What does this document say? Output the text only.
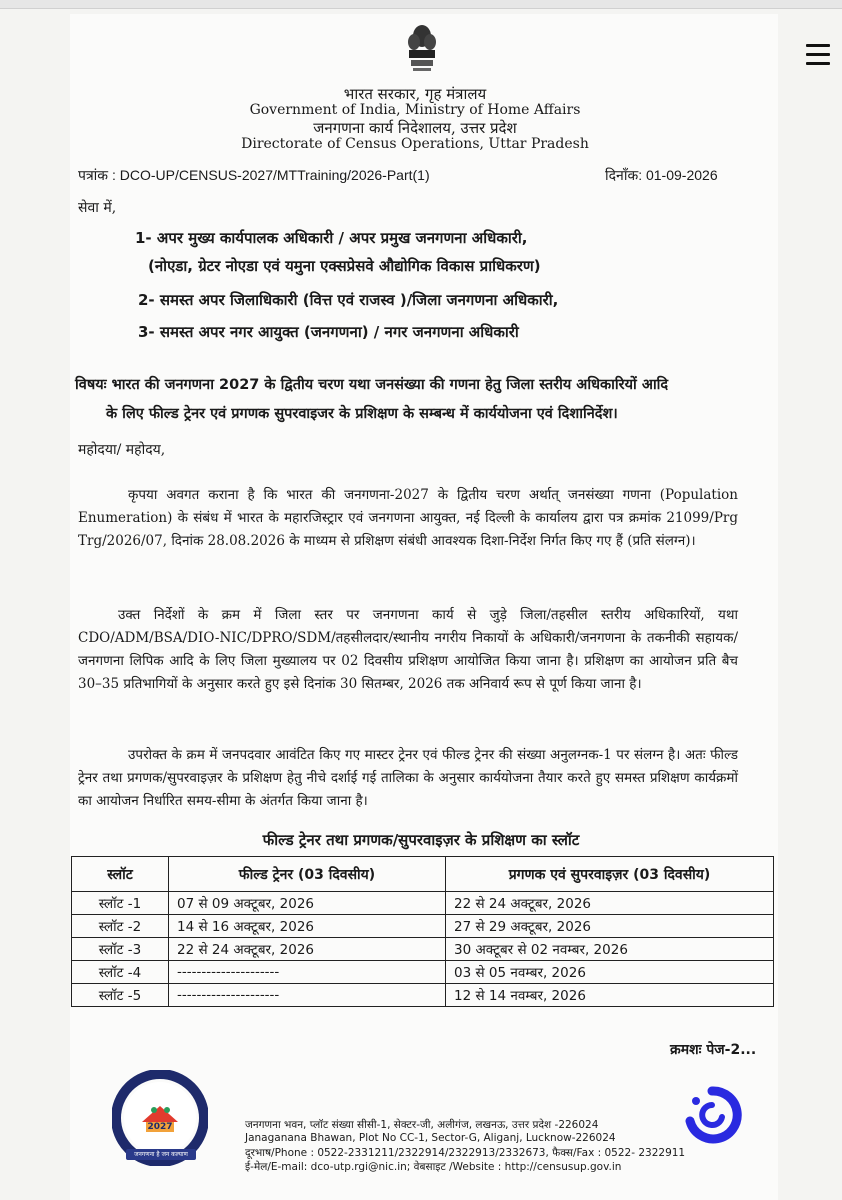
भारत सरकार, गृह मंत्रालय
Government of India, Ministry of Home Affairs
जनगणना कार्य निदेशालय, उत्तर प्रदेश
Directorate of Census Operations, Uttar Pradesh
पत्रांक : DCO-UP/CENSUS-2027/MTTraining/2026-Part(1)	दिनाँक: 01-09-2026
सेवा में,
1- अपर मुख्य कार्यपालक अधिकारी / अपर प्रमुख जनगणना अधिकारी,
(नोएडा, ग्रेटर नोएडा एवं यमुना एक्सप्रेसवे औद्योगिक विकास प्राधिकरण)
2- समस्त अपर जिलाधिकारी (वित्त एवं राजस्व )/जिला जनगणना अधिकारी,
3- समस्त अपर नगर आयुक्त (जनगणना) / नगर जनगणना अधिकारी
विषयः भारत की जनगणना 2027 के द्वितीय चरण यथा जनसंख्या की गणना हेतु जिला स्तरीय अधिकारियों आदि
के लिए फील्ड ट्रेनर एवं प्रगणक सुपरवाइजर के प्रशिक्षण के सम्बन्ध में कार्ययोजना एवं दिशानिर्देश।
महोदया/ महोदय,
कृपया अवगत कराना है कि भारत की जनगणना-2027 के द्वितीय चरण अर्थात् जनसंख्या गणना (Population Enumeration) के संबंध में भारत के महारजिस्ट्रार एवं जनगणना आयुक्त, नई दिल्ली के कार्यालय द्वारा पत्र क्रमांक 21099/Prg Trg/2026/07, दिनांक 28.08.2026 के माध्यम से प्रशिक्षण संबंधी आवश्यक दिशा-निर्देश निर्गत किए गए हैं (प्रति संलग्न)।
उक्त निर्देशों के क्रम में जिला स्तर पर जनगणना कार्य से जुड़े जिला/तहसील स्तरीय अधिकारियों, यथा CDO/ADM/BSA/DIO-NIC/DPRO/SDM/तहसीलदार/स्थानीय नगरीय निकायों के अधिकारी/जनगणना के तकनीकी सहायक/जनगणना लिपिक आदि के लिए जिला मुख्यालय पर 02 दिवसीय प्रशिक्षण आयोजित किया जाना है। प्रशिक्षण का आयोजन प्रति बैच 30–35 प्रतिभागियों के अनुसार करते हुए इसे दिनांक 30 सितम्बर, 2026 तक अनिवार्य रूप से पूर्ण किया जाना है।
उपरोक्त के क्रम में जनपदवार आवंटित किए गए मास्टर ट्रेनर एवं फील्ड ट्रेनर की संख्या अनुलग्नक-1 पर संलग्न है। अतः फील्ड ट्रेनर तथा प्रगणक/सुपरवाइज़र के प्रशिक्षण हेतु नीचे दर्शाई गई तालिका के अनुसार कार्ययोजना तैयार करते हुए समस्त प्रशिक्षण कार्यक्रमों का आयोजन निर्धारित समय-सीमा के अंतर्गत किया जाना है।
फील्ड ट्रेनर तथा प्रगणक/सुपरवाइज़र के प्रशिक्षण का स्लॉट
स्लॉट	फील्ड ट्रेनर (03 दिवसीय)	प्रगणक एवं सुपरवाइज़र (03 दिवसीय)
स्लॉट -1	07 से 09 अक्टूबर, 2026	22 से 24 अक्टूबर, 2026
स्लॉट -2	14 से 16 अक्टूबर, 2026	27 से 29 अक्टूबर, 2026
स्लॉट -3	22 से 24 अक्टूबर, 2026	30 अक्टूबर से 02 नवम्बर, 2026
स्लॉट -4	---------------------	03 से 05 नवम्बर, 2026
स्लॉट -5	---------------------	12 से 14 नवम्बर, 2026
क्रमशः पेज-2...
2027
जनगणना है जन कल्याण
जनगणना भवन, प्लॉट संख्या सीसी-1, सेक्टर-जी, अलीगंज, लखनऊ, उत्तर प्रदेश -226024
Janaganana Bhawan, Plot No CC-1, Sector-G, Aliganj, Lucknow-226024
दूरभाष/Phone : 0522-2331211/2322914/2322913/2332673, फैक्स/Fax : 0522- 2322911
ई-मेल/E-mail: dco-utp.rgi@nic.in; वेबसाइट /Website : http://censusup.gov.in
